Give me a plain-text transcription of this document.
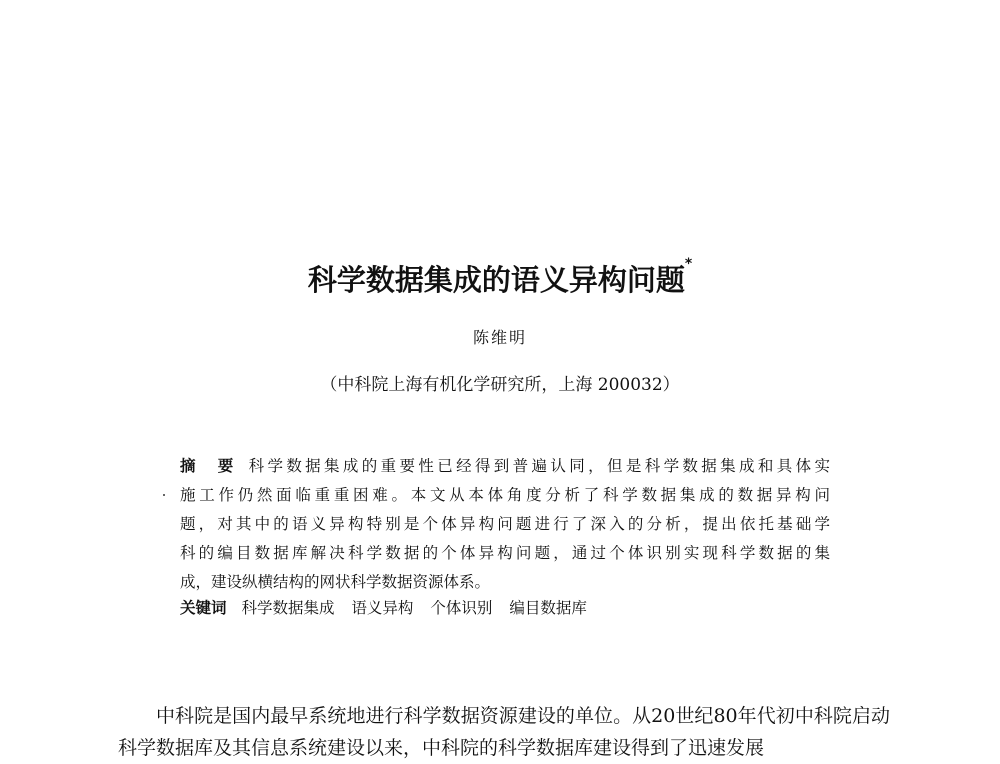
科学数据集成的语义异构问题*
陈维明
（中科院上海有机化学研究所，上海 200032）
摘　要 科学数据集成的重要性已经得到普遍认同，但是科学数据集成和具体实
施工作仍然面临重重困难。本文从本体角度分析了科学数据集成的数据异构问
题，对其中的语义异构特别是个体异构问题进行了深入的分析，提出依托基础学
科的编目数据库解决科学数据的个体异构问题，通过个体识别实现科学数据的集
成，建设纵横结构的网状科学数据资源体系。
关键词 科学数据集成 语义异构 个体识别 编目数据库
中科院是国内最早系统地进行科学数据资源建设的单位。从20世纪80年代初中科院启动科学数据库及其信息系统建设以来，中科院的科学数据库建设得到了迅速发展
